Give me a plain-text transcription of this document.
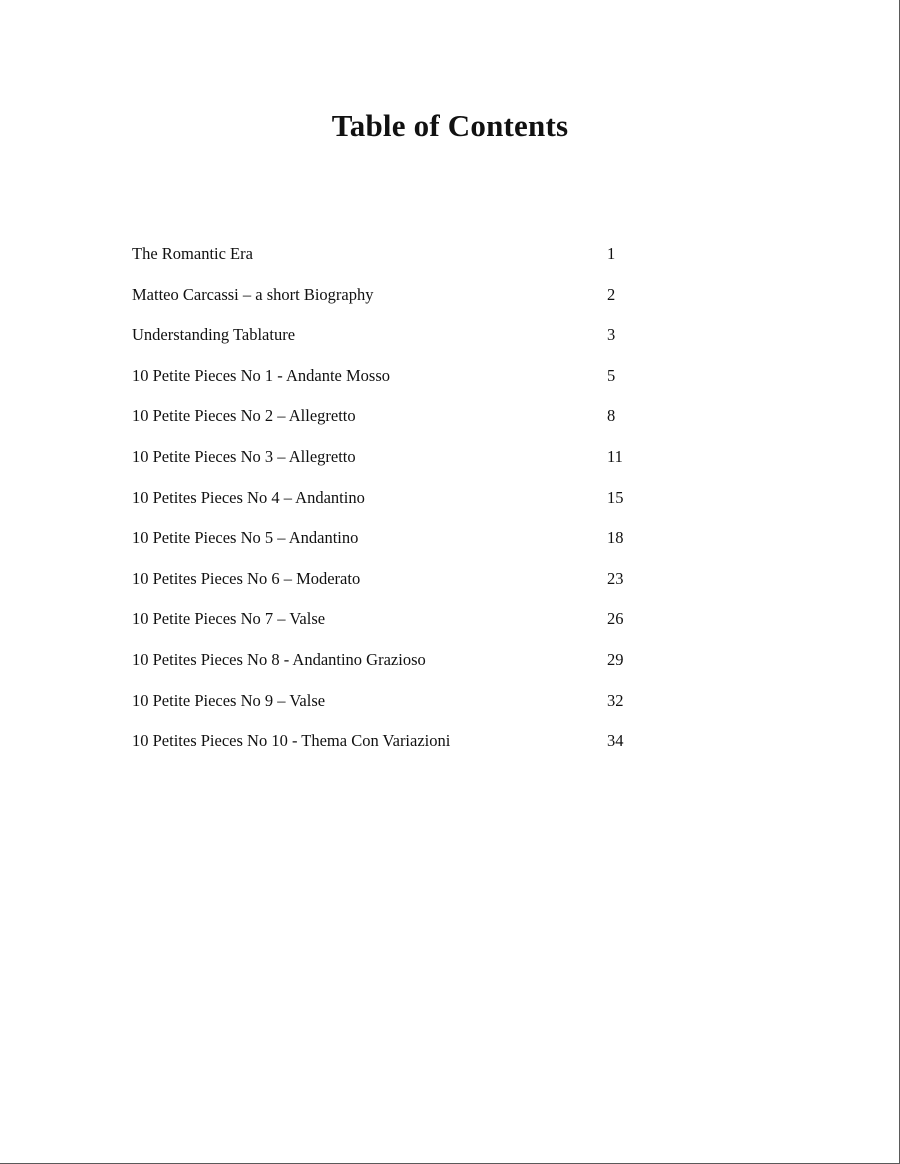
Table of Contents
The Romantic Era	1
Matteo Carcassi – a short Biography	2
Understanding Tablature	3
10 Petite Pieces No 1 - Andante Mosso	5
10 Petite Pieces No 2 – Allegretto	8
10 Petite Pieces No 3 – Allegretto	11
10 Petites Pieces No 4 – Andantino	15
10 Petite Pieces No 5 – Andantino	18
10 Petites Pieces No 6 – Moderato	23
10 Petite Pieces No 7 – Valse	26
10 Petites Pieces No 8 - Andantino Grazioso	29
10 Petite Pieces No 9 – Valse	32
10 Petites Pieces No 10 - Thema Con Variazioni	34
